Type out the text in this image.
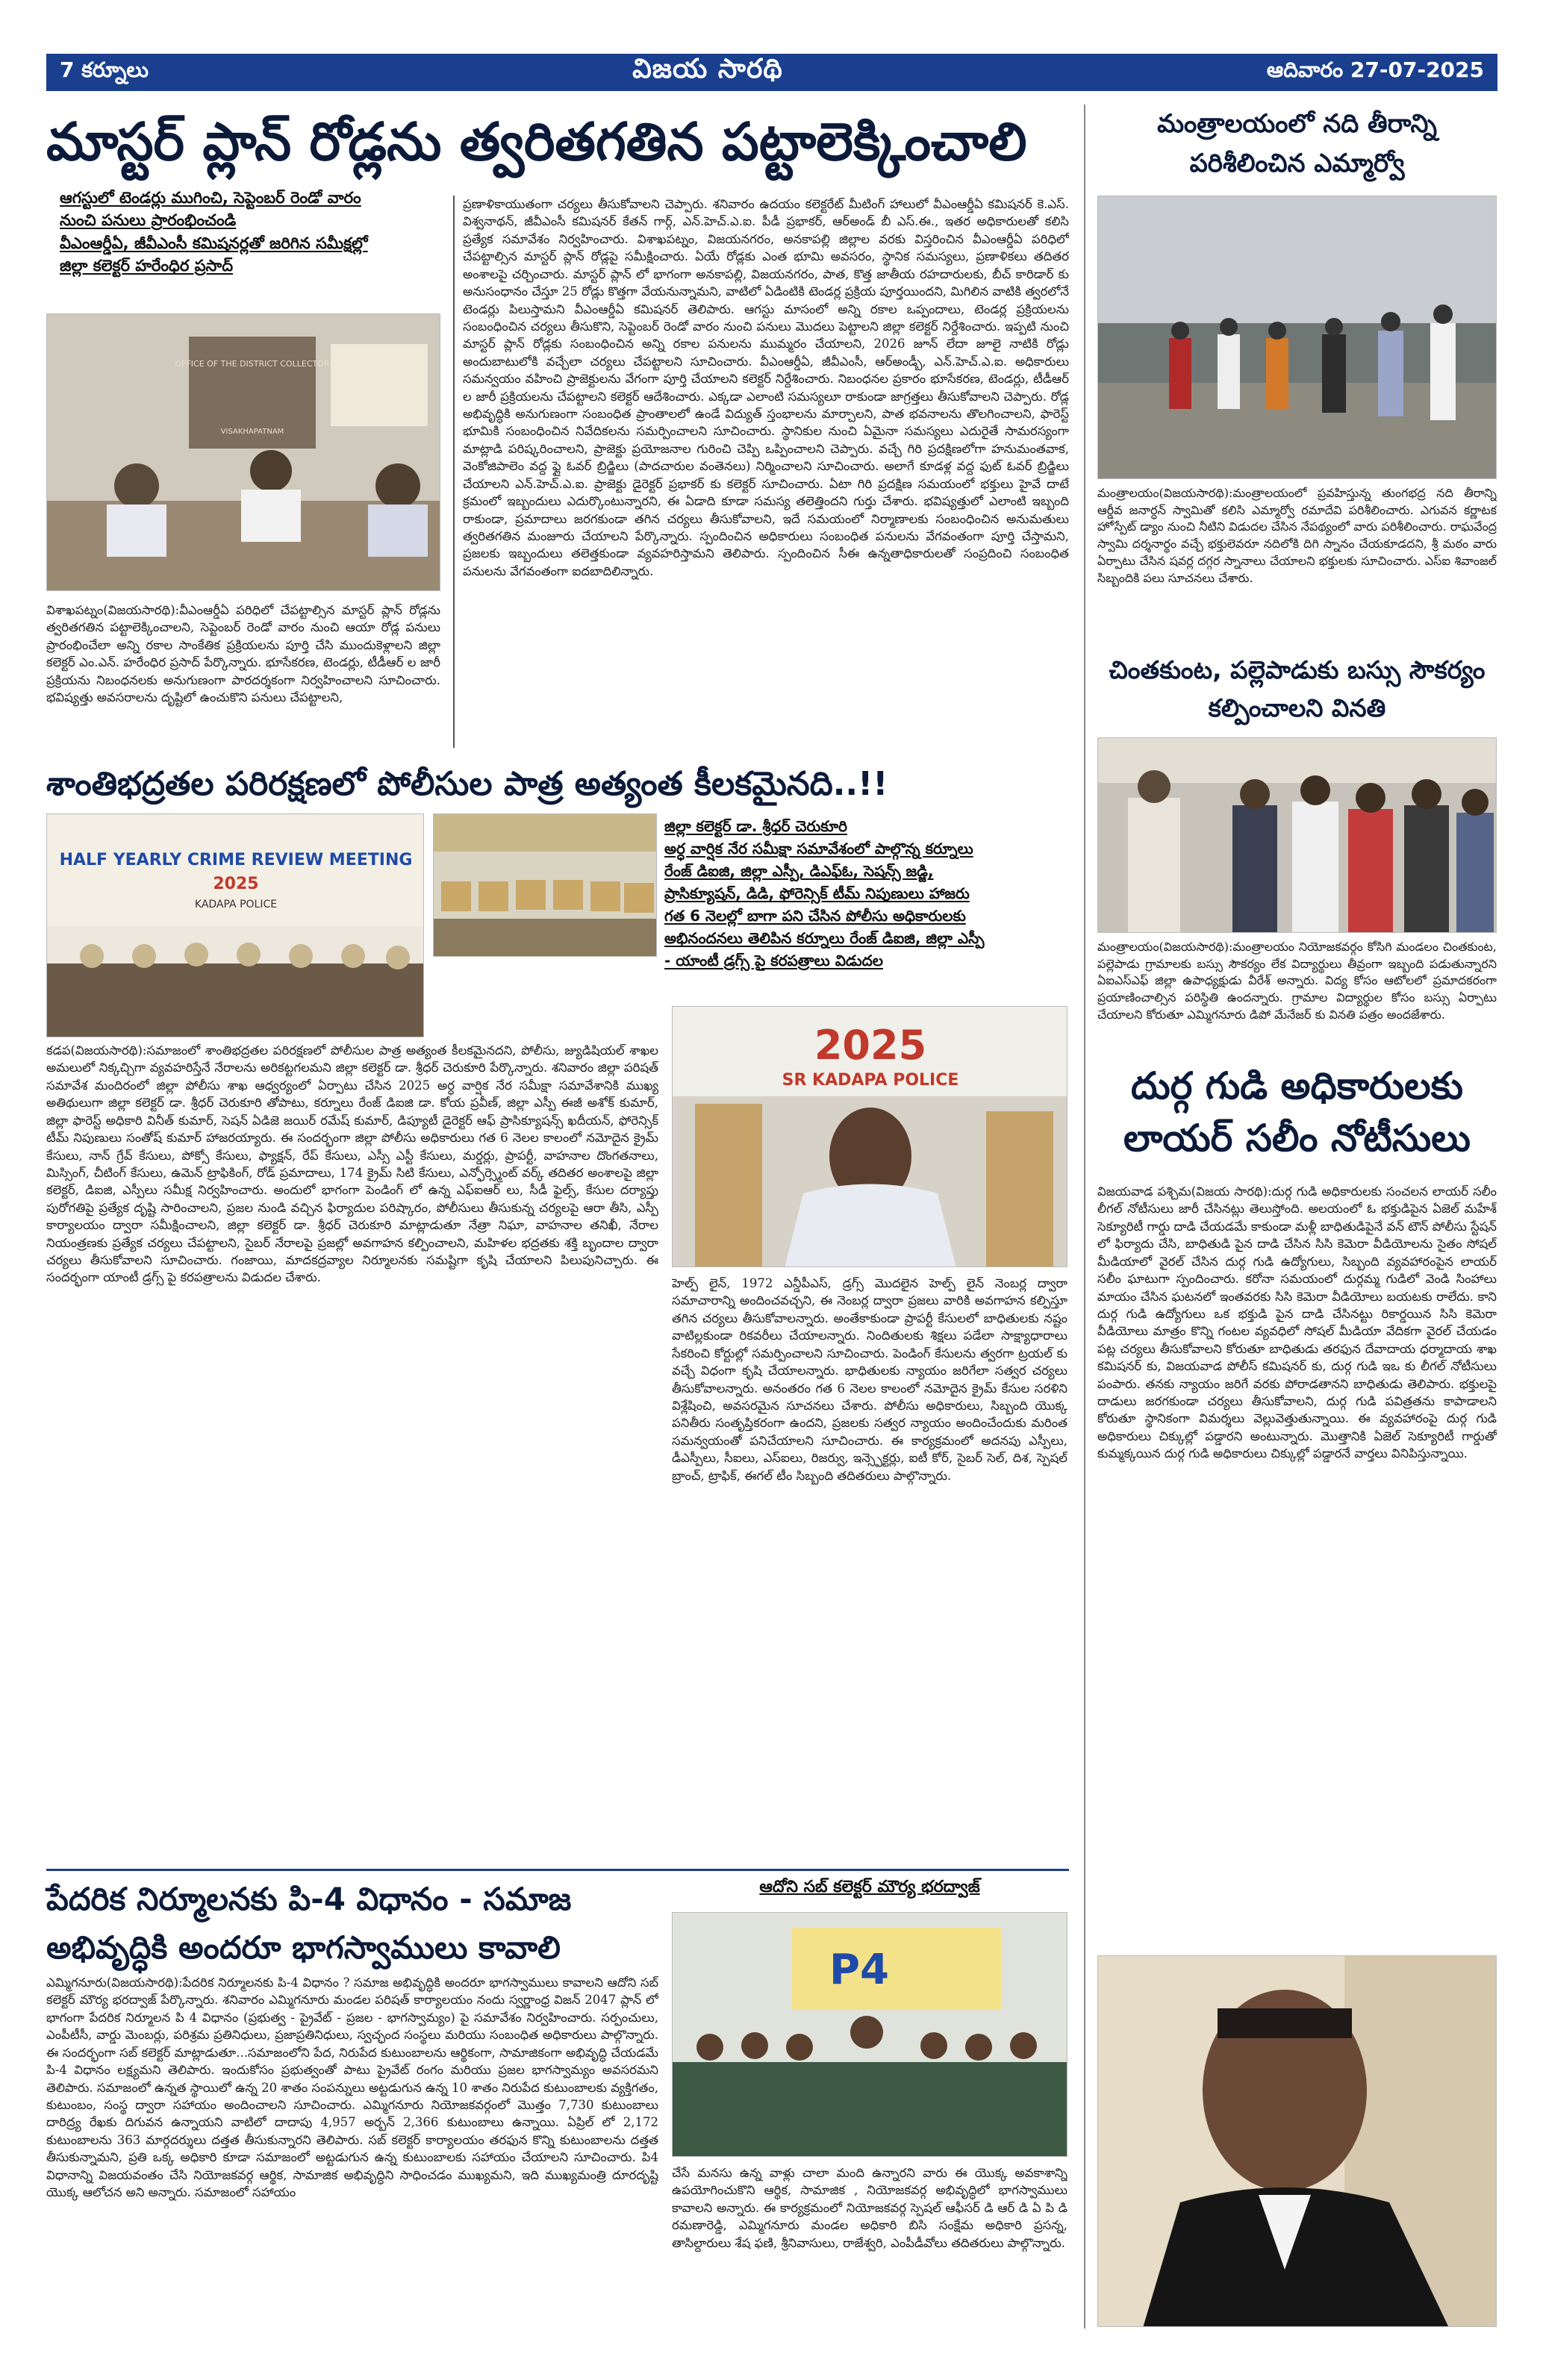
7 కర్నూలు	విజయ సారథి	ఆదివారం 27-07-2025
మాస్టర్ ప్లాన్ రోడ్లను త్వరితగతిన పట్టాలెక్కించాలి
ఆగస్టులో టెండర్లు ముగించి, సెప్టెంబర్ రెండో వారం
నుంచి పనులు ప్రారంభించండి
వీఎంఆర్డీఏ, జీవీఎంసీ కమిషనర్లతో జరిగిన సమీక్షల్లో
జిల్లా కలెక్టర్ హరేంధిర ప్రసాద్
OFFICE OF THE DISTRICT COLLECTOR
VISAKHAPATNAM
విశాఖపట్నం(విజయసారథి):వీఎంఆర్డీఏ పరిధిలో చేపట్టాల్సిన మాస్టర్ ప్లాన్ రోడ్లను త్వరితగతిన పట్టాలెక్కించాలని, సెప్టెంబర్ రెండో వారం నుంచి ఆయా రోడ్ల పనులు ప్రారంభించేలా అన్ని రకాల సాంకేతిక ప్రక్రియలను పూర్తి చేసి ముందుకెళ్లాలని జిల్లా కలెక్టర్ ఎం.ఎన్. హరేంధిర ప్రసాద్ పేర్కొన్నారు. భూసేకరణ, టెండర్లు, టీడీఆర్ ల జారీ ప్రక్రియను నిబంధనలకు అనుగుణంగా పారదర్శకంగా నిర్వహించాలని సూచించారు. భవిష్యత్తు అవసరాలను దృష్టిలో ఉంచుకొని పనులు చేపట్టాలని,
ప్రణాళికాయుతంగా చర్యలు తీసుకోవాలని చెప్పారు. శనివారం ఉదయం కలెక్టరేట్ మీటింగ్ హాలులో వీఎంఆర్డీఏ కమిషనర్ కె.ఎస్. విశ్వనాథన్, జీవీఎంసీ కమిషనర్ కేతన్ గార్గ్, ఎన్.హెచ్.ఎ.ఐ. పీడీ ప్రభాకర్, ఆర్అండ్ బీ ఎస్.ఈ., ఇతర అధికారులతో కలిసి ప్రత్యేక సమావేశం నిర్వహించారు. విశాఖపట్నం, విజయనగరం, అనకాపల్లి జిల్లాల వరకు విస్తరించిన వీఎంఆర్డీఏ పరిధిలో చేపట్టాల్సిన మాస్టర్ ప్లాన్ రోడ్లపై సమీక్షించారు. ఏయే రోడ్లకు ఎంత భూమి అవసరం, స్థానిక సమస్యలు, ప్రణాళికలు తదితర అంశాలపై చర్చించారు. మాస్టర్ ప్లాన్ లో భాగంగా అనకాపల్లి, విజయనగరం, పాత, కొత్త జాతీయ రహదారులకు, బీచ్ కారిడార్ కు అనుసంధానం చేస్తూ 25 రోడ్లు కొత్తగా వేయనున్నామని, వాటిలో ఏడింటికి టెండర్ల ప్రక్రియ పూర్తయిందని, మిగిలిన వాటికి త్వరలోనే టెండర్లు పిలుస్తామని వీఎంఆర్డీఏ కమిషనర్ తెలిపారు. ఆగస్టు మాసంలో అన్ని రకాల ఒప్పందాలు, టెండర్ల ప్రక్రియలను సంబంధించిన చర్యలు తీసుకొని, సెప్టెంబర్ రెండో వారం నుంచి పనులు మొదలు పెట్టాలని జిల్లా కలెక్టర్ నిర్దేశించారు. ఇప్పటి నుంచి మాస్టర్ ప్లాన్ రోడ్లకు సంబంధించిన అన్ని రకాల పనులను ముమ్మరం చేయాలని, 2026 జూన్ లేదా జూలై నాటికి రోడ్లు అందుబాటులోకి వచ్చేలా చర్యలు చేపట్టాలని సూచించారు. వీఎంఆర్డీఏ, జీవీఎంసీ, ఆర్అండ్బీ, ఎన్.హెచ్.ఎ.ఐ. అధికారులు సమన్వయం వహించి ప్రాజెక్టులను వేగంగా పూర్తి చేయాలని కలెక్టర్ నిర్దేశించారు. నిబంధనల ప్రకారం భూసేకరణ, టెండర్లు, టీడీఆర్ ల జారీ ప్రక్రియలను చేపట్టాలని కలెక్టర్ ఆదేశించారు. ఎక్కడా ఎలాంటి సమస్యలూ రాకుండా జాగ్రత్తలు తీసుకోవాలని చెప్పారు. రోడ్ల అభివృద్ధికి అనుగుణంగా సంబంధిత ప్రాంతాలలో ఉండే విద్యుత్ స్తంభాలను మార్చాలని, పాత భవనాలను తొలగించాలని, ఫారెస్ట్ భూమికి సంబంధించిన నివేదికలను సమర్పించాలని సూచించారు. స్థానికుల నుంచి ఏమైనా సమస్యలు ఎదురైతే సామరస్యంగా మాట్లాడి పరిష్కరించాలని, ప్రాజెక్టు ప్రయోజనాల గురించి చెప్పి ఒప్పించాలని చెప్పారు. వచ్చే గిరి ప్రదక్షిణలోగా హనుమంతవాక, వెంకోజిపాలెం వద్ద ఫ్లై ఓవర్ బ్రిడ్జిలు (పాదచారుల వంతెనలు) నిర్మించాలని సూచించారు. అలాగే కూడళ్ల వద్ద ఫుట్ ఓవర్ బ్రిడ్జిలు చేయాలని ఎన్.హెచ్.ఎ.ఐ. ప్రాజెక్టు డైరెక్టర్ ప్రభాకర్ కు కలెక్టర్ సూచించారు. ఏటా గిరి ప్రదక్షిణ సమయంలో భక్తులు హైవే దాటే క్రమంలో ఇబ్బందులు ఎదుర్కొంటున్నారని, ఈ ఏడాది కూడా సమస్య తలెత్తిందని గుర్తు చేశారు. భవిష్యత్తులో ఎలాంటి ఇబ్బంది రాకుండా, ప్రమాదాలు జరగకుండా తగిన చర్యలు తీసుకోవాలని, ఇదే సమయంలో నిర్మాణాలకు సంబంధించిన అనుమతులు త్వరితగతిన మంజూరు చేయాలని పేర్కొన్నారు. స్పందించిన అధికారులు సంబంధిత పనులను వేగవంతంగా పూర్తి చేస్తామని, ప్రజలకు ఇబ్బందులు తలెత్తకుండా వ్యవహరిస్తామని తెలిపారు. స్పందించిన సీఈ ఉన్నతాధికారులతో సంప్రదించి సంబంధిత పనులను వేగవంతంగా ఐదబాదిలిన్నారు.
మంత్రాలయంలో నది తీరాన్ని పరిశీలించిన ఎమ్మార్వో
మంత్రాలయం(విజయసారథి):మంత్రాలయంలో ప్రవహిస్తున్న తుంగభద్ర నది తీరాన్ని ఆర్డీవ జనార్ధన్ స్వామితో కలిసి ఎమ్మార్వో రమాదేవి పరిశీలించారు. ఎగువన కర్ణాటక హోస్పేట్ డ్యాం నుంచి నీటిని విడుదల చేసిన నేపథ్యంలో వారు పరిశీలించారు. రాఘవేంద్ర స్వామి దర్శనార్థం వచ్చే భక్తులెవరూ నదిలోకి దిగి స్నానం చేయకూడదని, శ్రీ మఠం వారు ఏర్పాటు చేసిన షవర్ల దగ్గర స్నానాలు చేయాలని భక్తులకు సూచించారు. ఎస్ఐ శివాంజల్ సిబ్బందికి పలు సూచనలు చేశారు.
చింతకుంట, పల్లెపాడుకు బస్సు సౌకర్యం కల్పించాలని వినతి
మంత్రాలయం(విజయసారథి):మంత్రాలయం నియోజకవర్గం కోసిగి మండలం చింతకుంట, పల్లెపాడు గ్రామాలకు బస్సు సౌకర్యం లేక విద్యార్థులు తీవ్రంగా ఇబ్బంది పడుతున్నారని ఏఐఎస్ఎఫ్ జిల్లా ఉపాధ్యక్షుడు వీరేశ్ అన్నారు. విద్య కోసం ఆటోలలో ప్రమాదకరంగా ప్రయాణించాల్సిన పరిస్థితి ఉందన్నారు. గ్రామాల విద్యార్థుల కోసం బస్సు ఏర్పాటు చేయాలని కోరుతూ ఎమ్మిగనూరు డిపో మేనేజర్ కు వినతి పత్రం అందజేశారు.
దుర్గ గుడి అధికారులకు లాయర్ సలీం నోటీసులు
విజయవాడ పశ్చిమ(విజయ సారథి):దుర్గ గుడి అధికారులకు సంచలన లాయర్ సలీం లీగల్ నోటీసులు జారీ చేసినట్లు తెలుస్తోంది. అలయంలో ఓ భక్తుడిపైన ఏజెల్ మహేశ్ సెక్యూరిటీ గార్డు దాడి చేయడమే కాకుండా మళ్లీ బాధితుడిపైనే వన్ టౌన్ పోలీసు స్టేషన్ లో ఫిర్యాదు చేసి, బాధితుడి పైన దాడి చేసిన సిసి కెమెరా వీడియోలను సైతం సోషల్ మీడియాలో వైరల్ చేసిన దుర్గ గుడి ఉద్యోగులు, సిబ్బంది వ్యవహారంపైన లాయర్ సలీం ఘాటుగా స్పందించారు. కరోనా సమయంలో దుర్గమ్మ గుడిలో వెండి సింహాలు మాయం చేసిన ఘటనలో ఇంతవరకు సిసి కెమెరా వీడియోలు బయటకు రాలేదు. కాని దుర్గ గుడి ఉద్యోగులు ఒక భక్తుడి పైన దాడి చేసినట్టు రికార్డయిన సిసి కెమెరా వీడియోలు మాత్రం కొన్ని గంటల వ్యవధిలో సోషల్ మీడియా వేదికగా వైరల్ చేయడం పట్ల చర్యలు తీసుకోవాలని కోరుతూ బాధితుడు తరఫున దేవాదాయ ధర్మాదాయ శాఖ కమిషనర్ కు, విజయవాడ పోలీస్ కమిషనర్ కు, దుర్గ గుడి ఇఒ కు లీగల్ నోటీసులు పంపారు. తనకు న్యాయం జరిగే వరకు పోరాడతానని బాధితుడు తెలిపారు. భక్తులపై దాడులు జరగకుండా చర్యలు తీసుకోవాలని, దుర్గ గుడి పవిత్రతను కాపాడాలని కోరుతూ స్థానికంగా విమర్శలు వెల్లువెత్తుతున్నాయి. ఈ వ్యవహారంపై దుర్గ గుడి అధికారులు చిక్కుల్లో పడ్డారని అంటున్నారు. మొత్తానికి ఏజెల్ సెక్యూరిటీ గార్డుతో కుమ్మక్కయిన దుర్గ గుడి అధికారులు చిక్కుల్లో పడ్డారనే వార్తలు వినిపిస్తున్నాయి.
శాంతిభద్రతల పరిరక్షణలో పోలీసుల పాత్ర అత్యంత కీలకమైనది..!!
HALF YEARLY CRIME REVIEW MEETING
2025
KADAPA POLICE
జిల్లా కలెక్టర్ డా. శ్రీధర్ చెరుకూరి
అర్ధ వార్షిక నేర సమీక్షా సమావేశంలో పాల్గొన్న కర్నూలు
రేంజ్ డిఐజి, జిల్లా ఎస్పీ, డిఎఫ్ఓ, సెషన్స్ జడ్జి,
ప్రాసిక్యూషన్, డిడి, ఫోరెన్సిక్ టీమ్ నిపుణులు హాజరు
గత 6 నెలల్లో బాగా పని చేసిన పోలీసు అధికారులకు
అభినందనలు తెలిపిన కర్నూలు రేంజ్ డిఐజి, జిల్లా ఎస్పీ
- యాంటీ డ్రగ్స్ పై కరపత్రాలు విడుదల
2025
SR KADAPA POLICE
కడప(విజయసారథి):సమాజంలో శాంతిభద్రతల పరిరక్షణలో పోలీసుల పాత్ర అత్యంత కీలకమైనదని, పోలీసు, జ్యుడిషియల్ శాఖల అమలులో నిక్కచ్చిగా వ్యవహరిస్తేనే నేరాలను అరికట్టగలమని జిల్లా కలెక్టర్ డా. శ్రీధర్ చెరుకూరి పేర్కొన్నారు. శనివారం జిల్లా పరిషత్ సమావేశ మందిరంలో జిల్లా పోలీసు శాఖ ఆధ్వర్యంలో ఏర్పాటు చేసిన 2025 అర్ధ వార్షిక నేర సమీక్షా సమావేశానికి ముఖ్య అతిథులుగా జిల్లా కలెక్టర్ డా. శ్రీధర్ చెరుకూరి తోపాటు, కర్నూలు రేంజ్ డిఐజి డా. కోయ ప్రవీణ్, జిల్లా ఎస్పీ ఈజీ అశోక్ కుమార్, జిల్లా ఫారెస్ట్ అధికారి వినీత్ కుమార్, సెషన్ ఏడిజె జయిర్ రమేష్ కుమార్, డిప్యూటీ డైరెక్టర్ ఆఫ్ ప్రాసిక్యూషన్స్ ఖదీయన్, ఫోరెన్సిక్ టీమ్ నిపుణులు సంతోష్ కుమార్ హాజరయ్యారు. ఈ సందర్భంగా జిల్లా పోలీసు అధికారులు గత 6 నెలల కాలంలో నమోదైన క్రైమ్ కేసులు, నాన్ గ్రేవ్ కేసులు, పోక్సో కేసులు, ఫ్యాక్షన్, రేప్ కేసులు, ఎస్సీ ఎస్టీ కేసులు, మర్డర్లు, ప్రాపర్టీ, వాహనాల దొంగతనాలు, మిస్సింగ్, చీటింగ్ కేసులు, ఉమెన్ ట్రాఫికింగ్, రోడ్ ప్రమాదాలు, 174 క్రైమ్ సిటి కేసులు, ఎన్ఫోర్స్మెంట్ వర్క్ తదితర అంశాలపై జిల్లా కలెక్టర్, డిఐజి, ఎస్పీలు సమీక్ష నిర్వహించారు. అందులో భాగంగా పెండింగ్ లో ఉన్న ఎఫ్ఐఆర్ లు, సీడీ ఫైల్స్, కేసుల దర్యాప్తు పురోగతిపై ప్రత్యేక దృష్టి సారించాలని, ప్రజల నుండి వచ్చిన ఫిర్యాదుల పరిష్కారం, పోలీసులు తీసుకున్న చర్యలపై ఆరా తీసి, ఎస్పీ కార్యాలయం ద్వారా సమీక్షించాలని, జిల్లా కలెక్టర్ డా. శ్రీధర్ చెరుకూరి మాట్లాడుతూ నేత్రా నిఘా, వాహనాల తనిఖీ, నేరాల నియంత్రణకు ప్రత్యేక చర్యలు చేపట్టాలని, సైబర్ నేరాలపై ప్రజల్లో అవగాహన కల్పించాలని, మహిళల భద్రతకు శక్తి బృందాల ద్వారా చర్యలు తీసుకోవాలని సూచించారు. గంజాయి, మాదకద్రవ్యాల నిర్మూలనకు సమష్టిగా కృషి చేయాలని పిలుపునిచ్చారు. ఈ సందర్భంగా యాంటీ డ్రగ్స్ పై కరపత్రాలను విడుదల చేశారు.	హెల్ప్ లైన్, 1972 ఎన్డీపీఎస్, డ్రగ్స్ మొదలైన హెల్ప్ లైన్ నెంబర్ల ద్వారా సమాచారాన్ని అందించవచ్చని, ఈ నెంబర్ల ద్వారా ప్రజలు వారికి అవగాహన కల్పిస్తూ తగిన చర్యలు తీసుకోవాలన్నారు. అంతేకాకుండా ప్రాపర్టీ కేసులలో బాధితులకు నష్టం వాటిల్లకుండా రికవరీలు చేయాలన్నారు. నిందితులకు శిక్షలు పడేలా సాక్ష్యాధారాలు సేకరించి కోర్టుల్లో సమర్పించాలని సూచించారు. పెండింగ్ కేసులను త్వరగా ట్రయల్ కు వచ్చే విధంగా కృషి చేయాలన్నారు. భాధితులకు న్యాయం జరిగేలా సత్వర చర్యలు తీసుకోవాలన్నారు. అనంతరం గత 6 నెలల కాలంలో నమోదైన క్రైమ్ కేసుల సరళిని విశ్లేషించి, అవసరమైన సూచనలు చేశారు. పోలీసు అధికారులు, సిబ్బంది యొక్క పనితీరు సంతృప్తికరంగా ఉందని, ప్రజలకు సత్వర న్యాయం అందించేందుకు మరింత సమన్వయంతో పనిచేయాలని సూచించారు. ఈ కార్యక్రమంలో అదనపు ఎస్పీలు, డీఎస్పీలు, సీఐలు, ఎస్ఐలు, రిజర్వు, ఇన్స్పెక్టర్లు, ఐటీ కోర్, సైబర్ సెల్, దిశ, స్పెషల్ బ్రాంచ్, ట్రాఫిక్, ఈగల్ టీం సిబ్బంది తదితరులు పాల్గొన్నారు.
పేదరిక నిర్మూలనకు పి-4 విధానం - సమాజ
అభివృద్ధికి అందరూ భాగస్వాములు కావాలి
ఆదోని సబ్ కలెక్టర్ మౌర్య భరద్వాజ్
P4
ఎమ్మిగనూరు(విజయసారథి):పేదరిక నిర్మూలనకు పి-4 విధానం ? సమాజ అభివృద్ధికి అందరూ భాగస్వాములు కావాలని ఆదోని సబ్ కలెక్టర్ మౌర్య భరద్వాజ్ పేర్కొన్నారు. శనివారం ఎమ్మిగనూరు మండల పరిషత్ కార్యాలయం నందు స్వర్ణాంధ్ర విజన్ 2047 ప్లాన్ లో భాగంగా పేదరిక నిర్మూలన పి 4 విధానం (ప్రభుత్వ - ప్రైవేట్ - ప్రజల - భాగస్వామ్యం) పై సమావేశం నిర్వహించారు. సర్పంచులు, ఎంపీటీసీ, వార్డు మెంబర్లు, పరిశ్రమ ప్రతినిధులు, ప్రజాప్రతినిధులు, స్వచ్ఛంద సంస్థలు మరియు సంబంధిత అధికారులు పాల్గొన్నారు. ఈ సందర్భంగా సబ్ కలెక్టర్ మాట్లాడుతూ...సమాజంలోని పేద, నిరుపేద కుటుంబాలను ఆర్థికంగా, సామాజికంగా అభివృద్ధి చేయడమే పి-4 విధానం లక్ష్యమని తెలిపారు. ఇందుకోసం ప్రభుత్వంతో పాటు ప్రైవేట్ రంగం మరియు ప్రజల భాగస్వామ్యం అవసరమని తెలిపారు. సమాజంలో ఉన్నత స్థాయిలో ఉన్న 20 శాతం సంపన్నులు అట్టడుగున ఉన్న 10 శాతం నిరుపేద కుటుంబాలకు వ్యక్తిగతం, కుటుంబం, సంస్థ ద్వారా సహాయం అందించాలని సూచించారు. ఎమ్మిగనూరు నియోజకవర్గంలో మొత్తం 7,730 కుటుంబాలు దారిద్ర్య రేఖకు దిగువన ఉన్నాయని వాటిలో దాదాపు 4,957 అర్బన్ 2,366 కుటుంబాలు ఉన్నాయి. ఏప్రిల్ లో 2,172 కుటుంబాలను 363 మార్గదర్శులు దత్తత తీసుకున్నారని తెలిపారు. సబ్ కలెక్టర్ కార్యాలయం తరఫున కొన్ని కుటుంబాలను దత్తత తీసుకున్నామని, ప్రతి ఒక్క అధికారి కూడా సమాజంలో అట్టడుగున ఉన్న కుటుంబాలకు సహాయం చేయాలని సూచించారు. పి4 విధానాన్ని విజయవంతం చేసి నియోజకవర్గ ఆర్థిక, సామాజిక అభివృద్ధిని సాధించడం ముఖ్యమని, ఇది ముఖ్యమంత్రి దూరదృష్టి యొక్క ఆలోచన అని అన్నారు. సమాజంలో సహాయం
చేసే మనసు ఉన్న వాళ్లు చాలా మంది ఉన్నారని వారు ఈ యొక్క అవకాశాన్ని ఉపయోగించుకొని ఆర్థిక, సామాజిక , నియోజకవర్గ అభివృద్ధిలో భాగస్వాములు కావాలని అన్నారు. ఈ కార్యక్రమంలో నియోజకవర్గ స్పెషల్ ఆఫీసర్ డి ఆర్ డి ఏ పి డి రమణారెడ్డి, ఎమ్మిగనూరు మండల అధికారి బిసి సంక్షేమ అధికారి ప్రసన్న, తాసిల్దారులు శేష ఫణి, శ్రీనివాసులు, రాజేశ్వరి, ఎంపీడీవోలు తదితరులు పాల్గొన్నారు.
